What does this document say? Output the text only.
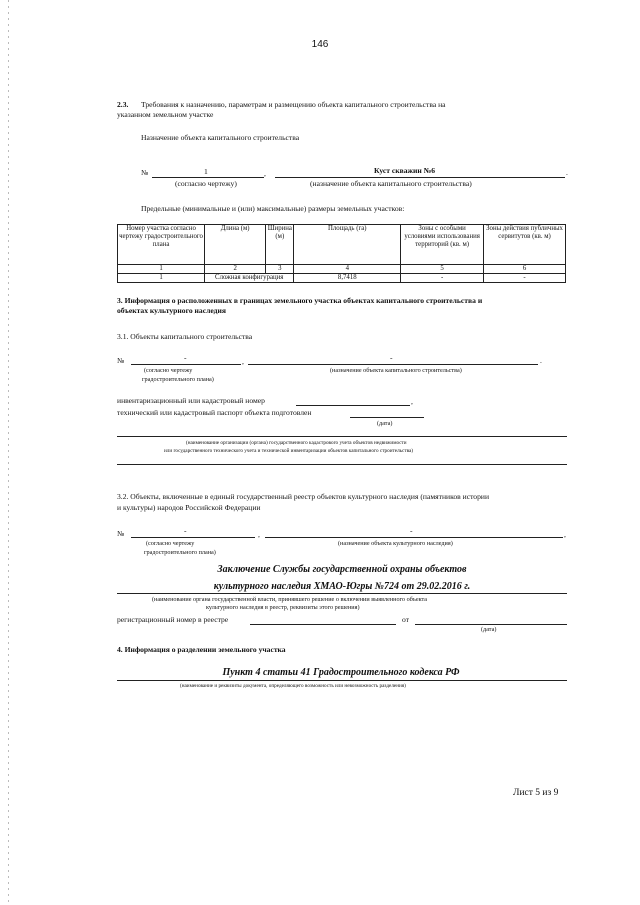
146
2.3. Требования к назначению, параметрам и размещению объекта капитального строительства на
указанном земельном участке
Назначение объекта капитального строительства
№	1	,	Куст скважин №6	.
(согласно чертежу)	(назначение объекта капитального строительства)
Предельные (минимальные и (или) максимальные) размеры земельных участков:
Номер участка согласно чертежу градостроительного плана	Длина (м)	Ширина (м)	Площадь (га)	Зоны с особыми условиями использования территорий (кв. м)	Зоны действия публичных сервитутов (кв. м)
1	2	3	4	5	6
1	Сложная конфигурация		8,7418	-	-
3. Информация о расположенных в границах земельного участка объектах капитального строительства и
объектах культурного наследия
3.1. Объекты капитального строительства
№	-	,	-	.
(согласно чертежу
градостроительного плана)
(назначение объекта капитального строительства)
инвентаризационный или кадастровый номер	,
технический или кадастровый паспорт объекта подготовлен
(дата)
(наименование организации (органа) государственного кадастрового учета объектов недвижимости
или государственного технического учета и технической инвентаризации объектов капитального строительства)
3.2. Объекты, включенные в единый государственный реестр объектов культурного наследия (памятников истории
и культуры) народов Российской Федерации
№	-	,	-	,
(согласно чертежу
градостроительного плана)
(назначение объекта культурного наследия)
Заключение Службы государственной охраны объектов
культурного наследия ХМАО-Югры №724 от 29.02.2016 г.
(наименование органа государственной власти, принявшего решение о включении выявленного объекта
культурного наследия в реестр, реквизиты этого решения)
регистрационный номер в реестре	от
(дата)
4. Информация о разделении земельного участка
Пункт 4 статьи 41 Градостроительного кодекса РФ
(наименование и реквизиты документа, определяющего возможность или невозможность разделения)
Лист 5 из 9
